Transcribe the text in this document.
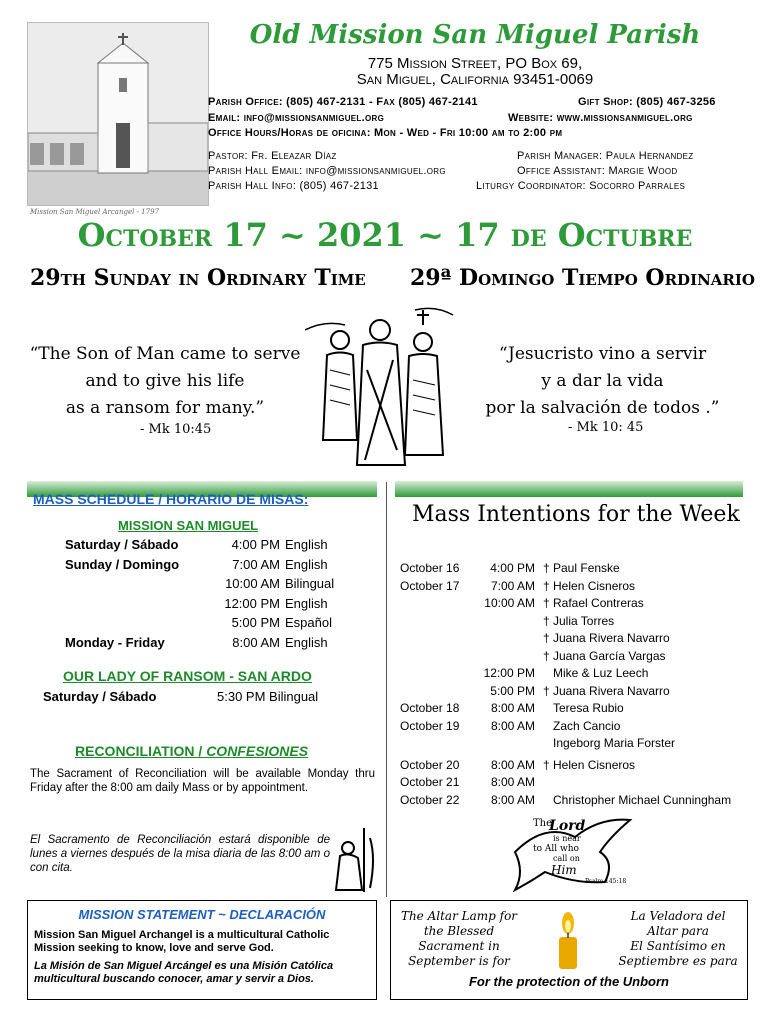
Mission San Miguel Arcangel - 1797
Old Mission San Miguel Parish
775 Mission Street, PO Box 69,
San Miguel, California 93451-0069
Parish Office: (805) 467-2131 - Fax (805) 467-2141	Gift Shop: (805) 467-3256
Email: info@missionsanmiguel.org	Website: www.missionsanmiguel.org
Office Hours/Horas de oficina: Mon - Wed - Fri 10:00 am to 2:00 pm
Pastor: Fr. Eleazar Díaz	Parish Manager: Paula Hernandez
Parish Hall Email: info@missionsanmiguel.org	Office Assistant: Margie Wood
Parish Hall Info: (805) 467-2131	Liturgy Coordinator: Socorro Parrales
October 17 ~ 2021 ~ 17 de Octubre
29th Sunday in Ordinary Time 29ª Domingo Tiempo Ordinario
“The Son of Man came to serve
and to give his life
as a ransom for many.”
- Mk 10:45
“Jesucristo vino a servir
y a dar la vida
por la salvación de todos .”
- Mk 10: 45
MASS SCHEDULE / HORARIO DE MISAS:
MISSION SAN MIGUEL
Saturday / Sábado	4:00 PM English
Sunday / Domingo	7:00 AM English
10:00 AM Bilingual
12:00 PM English
5:00 PM Español
Monday - Friday	8:00 AM English
OUR LADY OF RANSOM - SAN ARDO
Saturday / Sábado	5:30 PM Bilingual
RECONCILIATION / CONFESIONES
The Sacrament of Reconciliation will be available Monday thru Friday after the 8:00 am daily Mass or by appointment.
El Sacramento de Reconciliación estará disponible de lunes a viernes después de la misa diaria de las 8:00 am o con cita.
Mass Intentions for the Week
October 16	4:00 PM † Paul Fenske
October 17	7:00 AM † Helen Cisneros
10:00 AM † Rafael Contreras
† Julia Torres
† Juana Rivera Navarro
† Juana García Vargas
12:00 PM	Mike & Luz Leech
5:00 PM † Juana Rivera Navarro
October 18	8:00 AM	Teresa Rubio
October 19	8:00 AM	Zach Cancio
Ingeborg Maria Forster
October 20	8:00 AM † Helen Cisneros
October 21	8:00 AM
October 22	8:00 AM	Christopher Michael Cunningham
The
Lord
is near
to All who
call on
Him
Psalm 145:18
MISSION STATEMENT ~ DECLARACIÓN
Mission San Miguel Archangel is a multicultural Catholic Mission seeking to know, love and serve God.
La Misión de San Miguel Arcángel es una Misión Católica multicultural buscando conocer, amar y servir a Dios.
The Altar Lamp for
the Blessed
Sacrament in
September is for
La Veladora del
Altar para
El Santísimo en
Septiembre es para
For the protection of the Unborn
